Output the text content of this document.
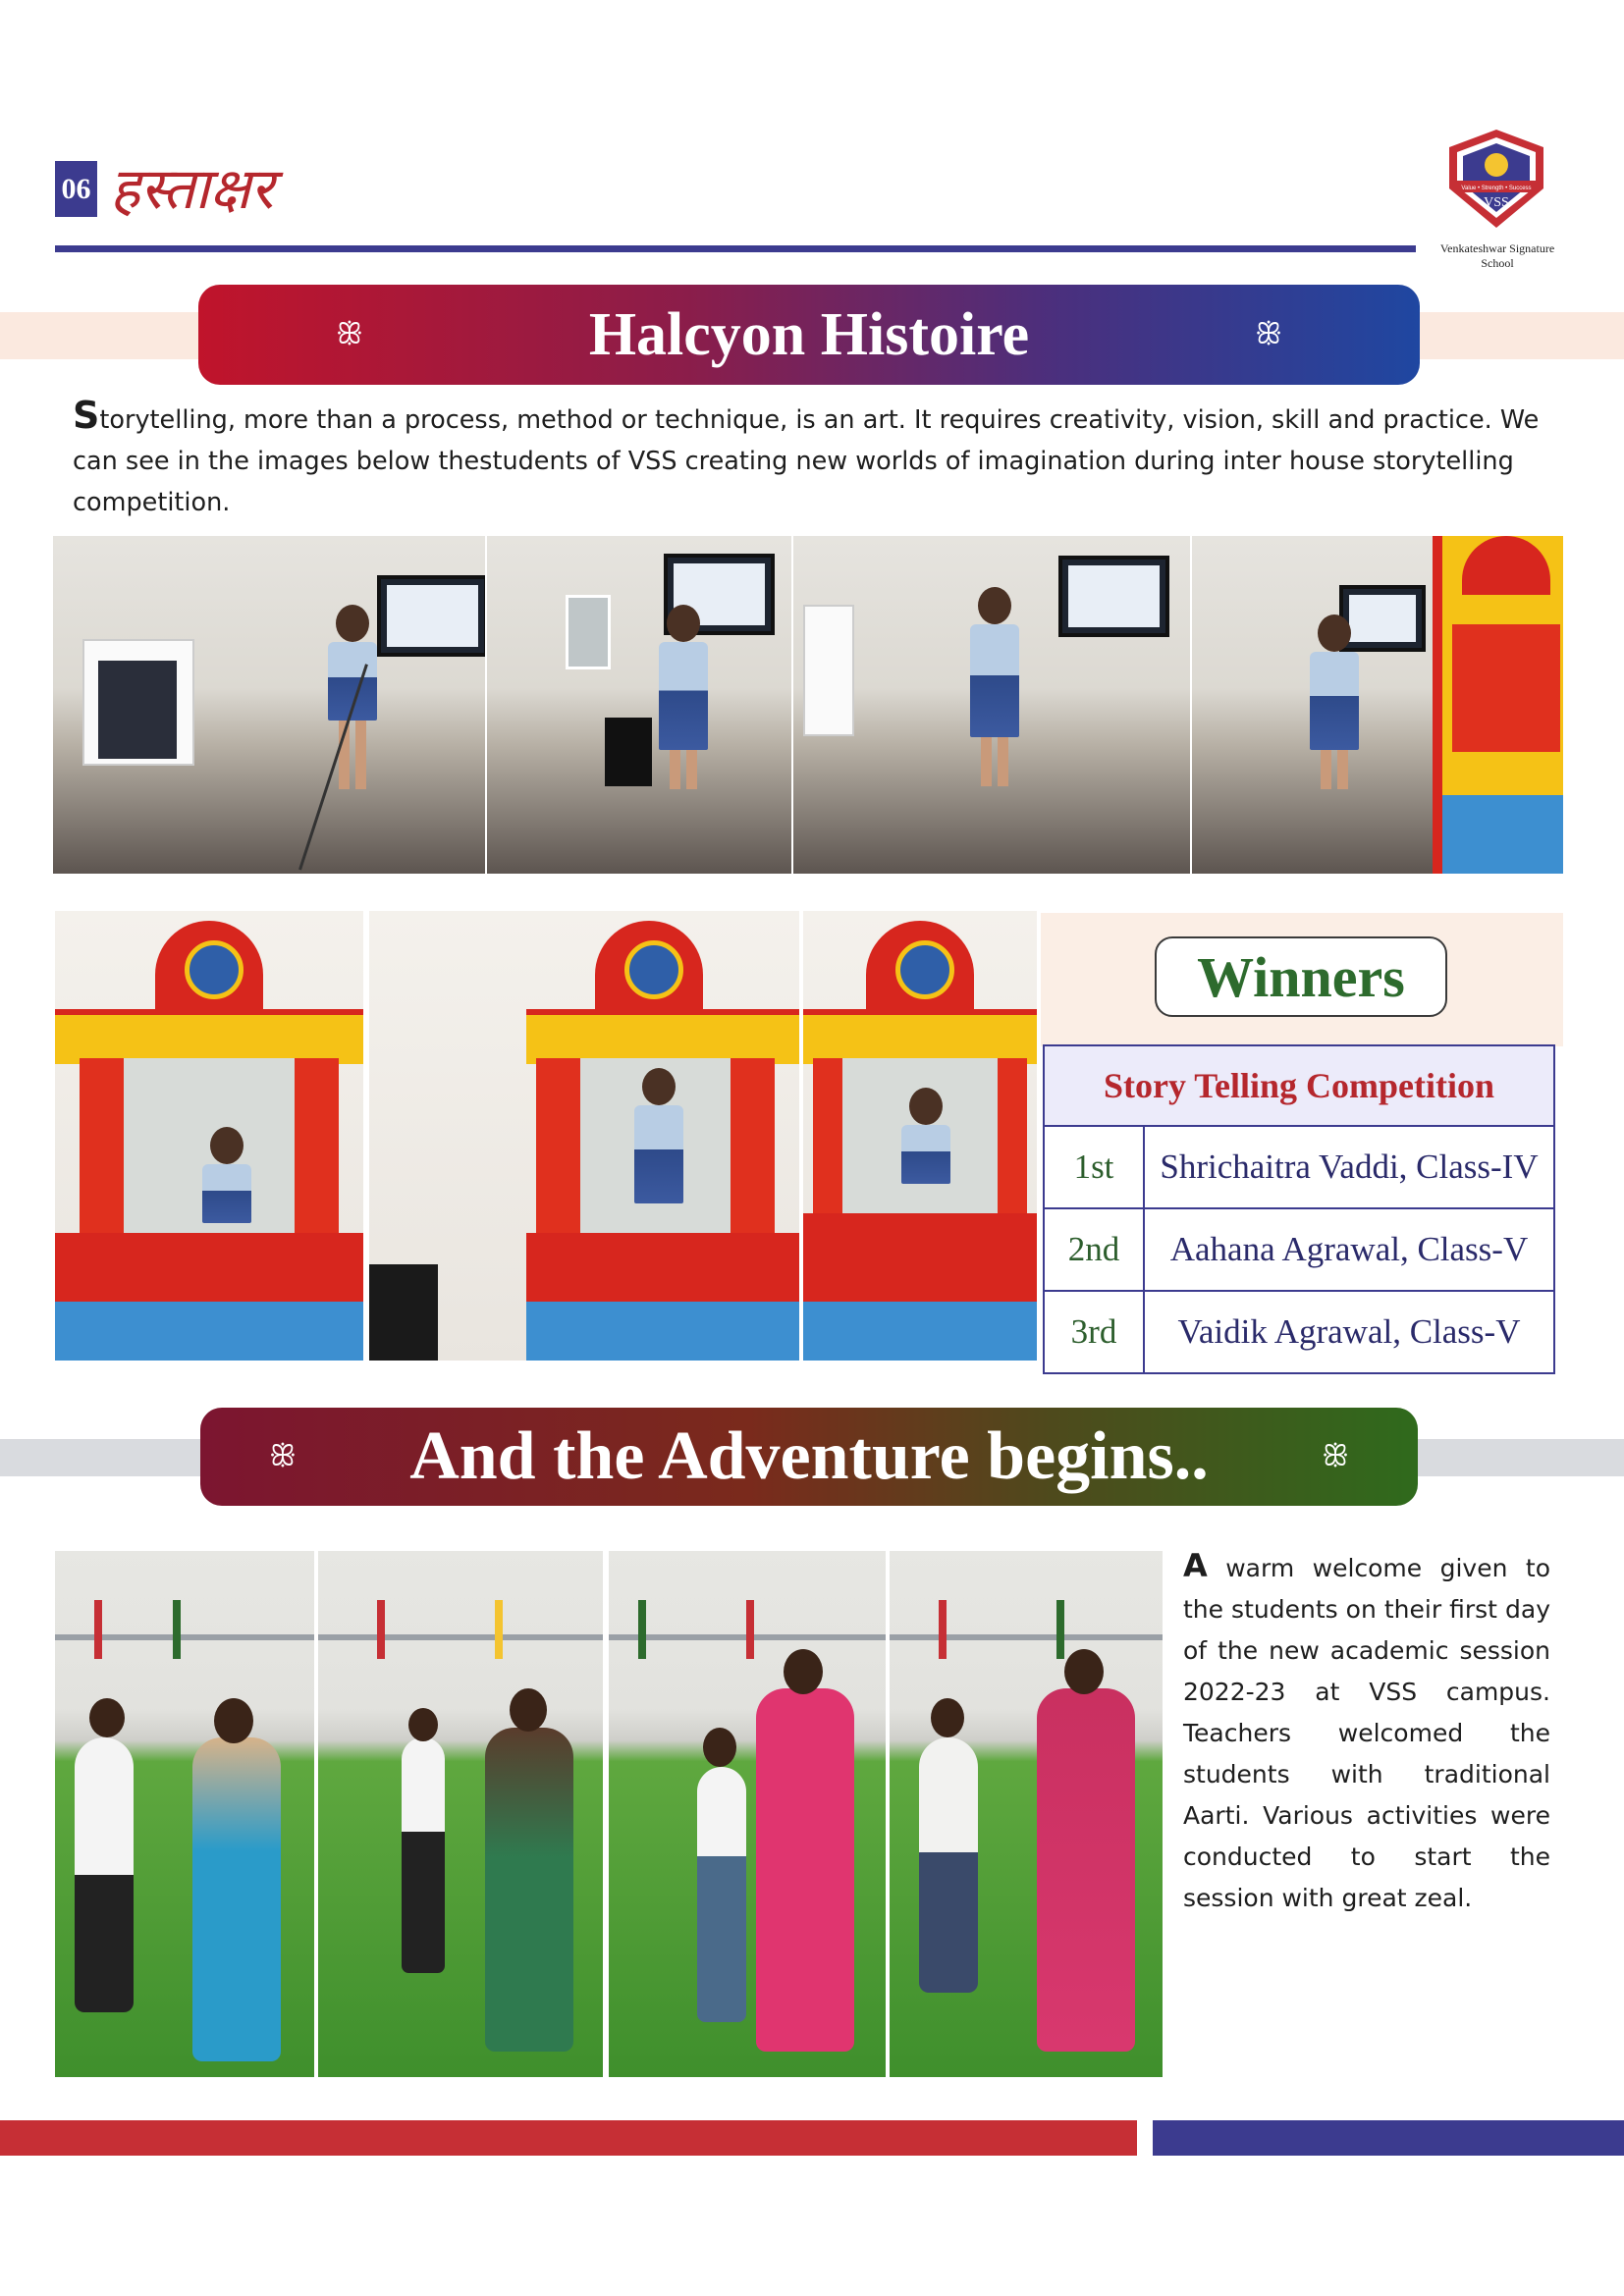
06 हस्ताक्षर	VSS
Value • Strength • Success
Venkateshwar Signature School
ꕥ	Halcyon Histoire	ꕥ
Storytelling, more than a process, method or technique, is an art. It requires creativity, vision, skill and practice. We can see in the images below thestudents of VSS creating new worlds of imagination during inter house storytelling competition.
Winners
Story Telling Competition	
1st	Shrichaitra Vaddi, Class-IV
2nd	Aahana Agrawal, Class-V
3rd	Vaidik Agrawal, Class-V
ꕥ And the Adventure begins..	ꕥ
A warm welcome given to the students on their first day of the new academic session 2022-23 at VSS campus. Teachers welcomed the students with traditional Aarti. Various activities were conducted to start the session with great zeal.
